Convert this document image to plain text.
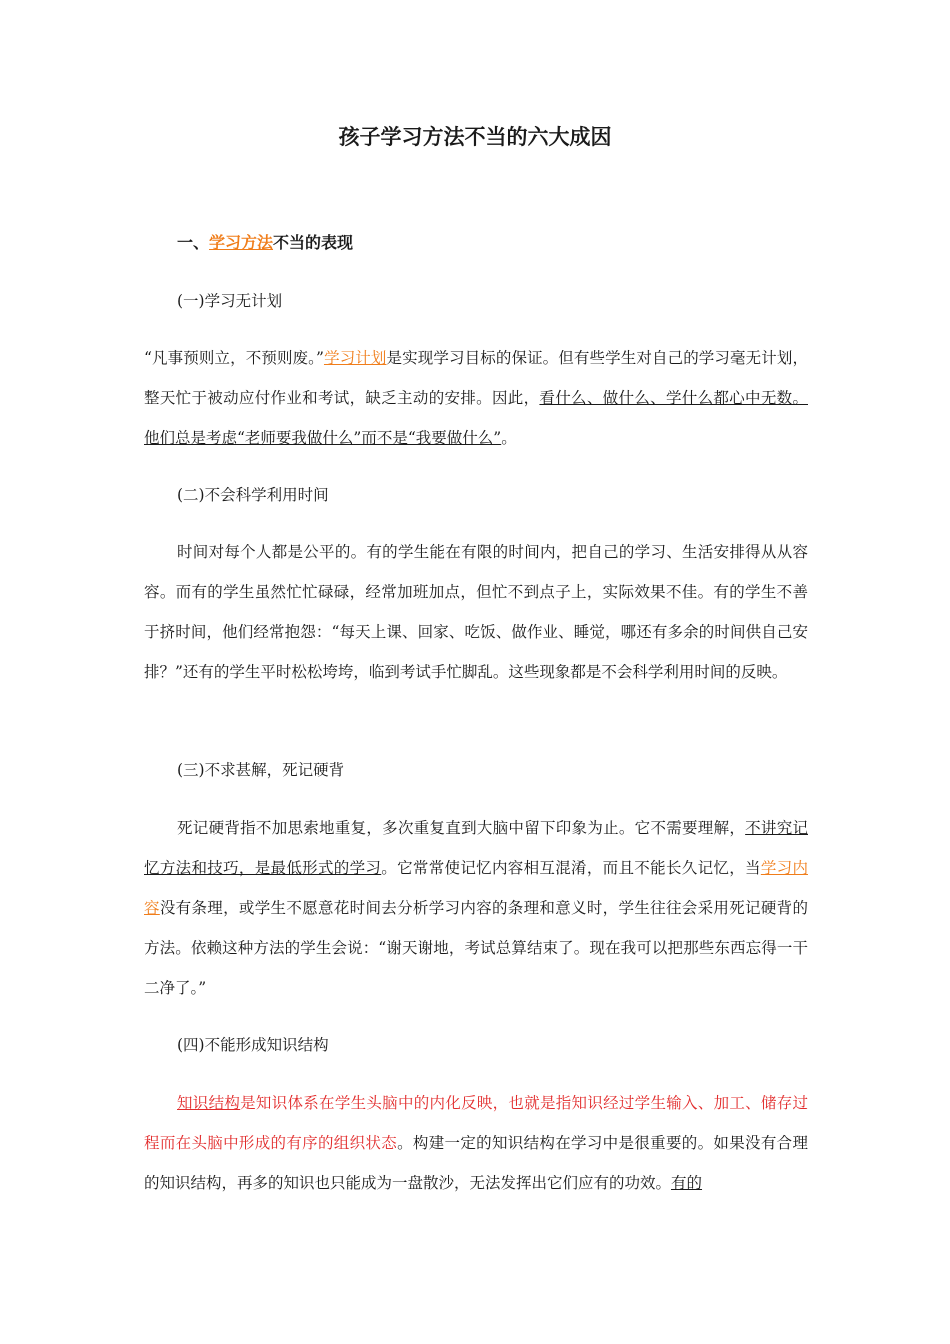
孩子学习方法不当的六大成因
一、学习方法不当的表现
(一)学习无计划
“凡事预则立，不预则废。”学习计划是实现学习目标的保证。但有些学生对自己的学习毫无计划，整天忙于被动应付作业和考试，缺乏主动的安排。因此，看什么、做什么、学什么都心中无数。他们总是考虑“老师要我做什么”而不是“我要做什么”。
(二)不会科学利用时间
时间对每个人都是公平的。有的学生能在有限的时间内，把自己的学习、生活安排得从从容容。而有的学生虽然忙忙碌碌，经常加班加点，但忙不到点子上，实际效果不佳。有的学生不善于挤时间，他们经常抱怨：“每天上课、回家、吃饭、做作业、睡觉，哪还有多余的时间供自己安排？”还有的学生平时松松垮垮，临到考试手忙脚乱。这些现象都是不会科学利用时间的反映。
(三)不求甚解，死记硬背
死记硬背指不加思索地重复，多次重复直到大脑中留下印象为止。它不需要理解，不讲究记忆方法和技巧，是最低形式的学习。它常常使记忆内容相互混淆，而且不能长久记忆，当学习内容没有条理，或学生不愿意花时间去分析学习内容的条理和意义时，学生往往会采用死记硬背的方法。依赖这种方法的学生会说：“谢天谢地，考试总算结束了。现在我可以把那些东西忘得一干二净了。”
(四)不能形成知识结构
知识结构是知识体系在学生头脑中的内化反映，也就是指知识经过学生输入、加工、储存过程而在头脑中形成的有序的组织状态。构建一定的知识结构在学习中是很重要的。如果没有合理的知识结构，再多的知识也只能成为一盘散沙，无法发挥出它们应有的功效。有的
